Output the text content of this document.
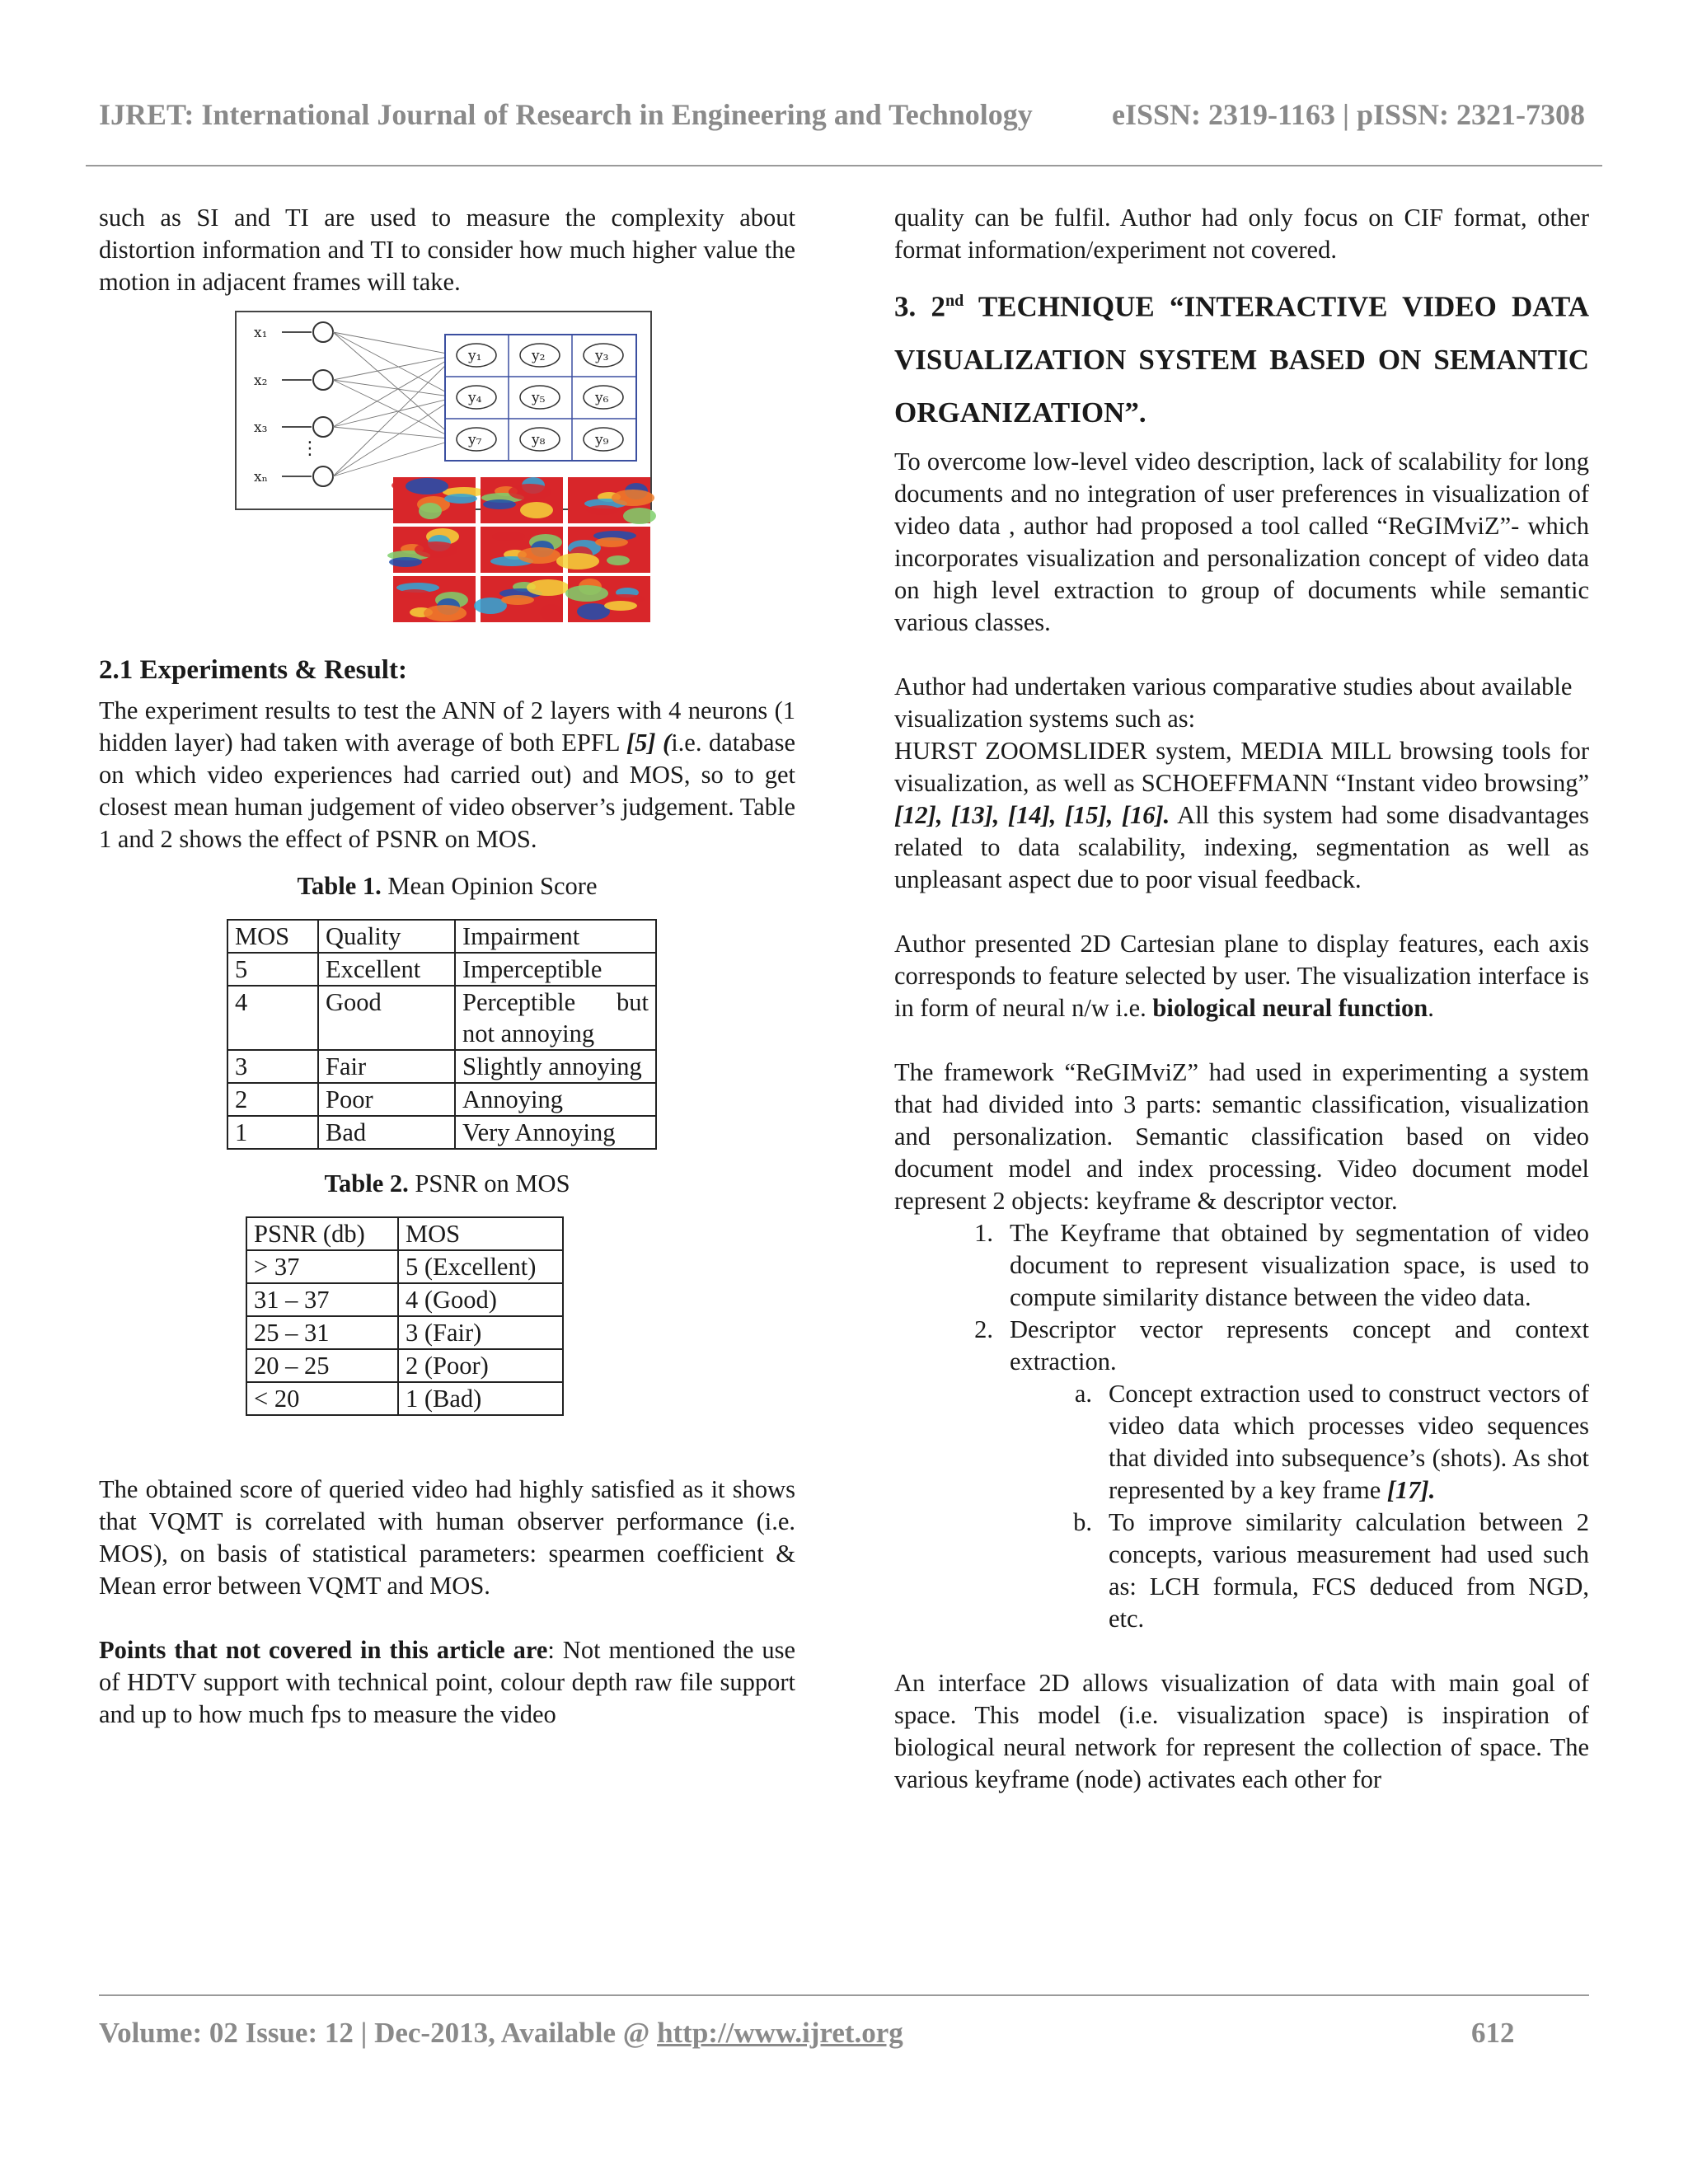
IJRET: International Journal of Research in Engineering and Technology	eISSN: 2319-1163 | pISSN: 2321-7308

such as SI and TI are used to measure the complexity about distortion information and TI to consider how much higher value the motion in adjacent frames will take.

⋮
y₁	y₂	y₃
y₄	y₅	y₆
y₇	y₈	y₉
x₁
x₂
x₃
xₙ
2.1 Experiments & Result:

The experiment results to test the ANN of 2 layers with 4 neurons (1 hidden layer) had taken with average of both EPFL [5] (i.e. database on which video experiences had carried out) and MOS, so to get closest mean human judgement of video observer’s judgement. Table 1 and 2 shows the effect of PSNR on MOS.

Table 1. Mean Opinion Score
MOS	Quality	Impairment
5	Excellent	Imperceptible
4	Good	Perceptible but not annoying
3	Fair	Slightly annoying
2	Poor	Annoying
1	Bad	Very Annoying
Table 2. PSNR on MOS
PSNR (db)	MOS
> 37	5 (Excellent)
31 – 37	4 (Good)
25 – 31	3 (Fair)
20 – 25	2 (Poor)
< 20	1 (Bad)

The obtained score of queried video had highly satisfied as it shows that VQMT is correlated with human observer performance (i.e. MOS), on basis of statistical parameters: spearmen coefficient & Mean error between VQMT and MOS.

Points that not covered in this article are: Not mentioned the use of HDTV support with technical point, colour depth raw file support and up to how much fps to measure the video

quality can be fulfil. Author had only focus on CIF format, other format information/experiment not covered.

3. 2nd TECHNIQUE “INTERACTIVE VIDEO DATA VISUALIZATION SYSTEM BASED ON SEMANTIC ORGANIZATION”.

To overcome low-level video description, lack of scalability for long documents and no integration of user preferences in visualization of video data , author had proposed a tool called “ReGIMviZ”- which incorporates visualization and personalization concept of video data on high level extraction to group of documents while semantic various classes.

Author had undertaken various comparative studies about available visualization systems such as:

HURST ZOOMSLIDER system, MEDIA MILL browsing tools for visualization, as well as SCHOEFFMANN “Instant video browsing” [12], [13], [14], [15], [16]. All this system had some disadvantages related to data scalability, indexing, segmentation as well as unpleasant aspect due to poor visual feedback.

Author presented 2D Cartesian plane to display features, each axis corresponds to feature selected by user. The visualization interface is in form of neural n/w i.e. biological neural function.

The framework “ReGIMviZ” had used in experimenting a system that had divided into 3 parts: semantic classification, visualization and personalization. Semantic classification based on video document model and index processing. Video document model represent 2 objects: keyframe & descriptor vector.

1. The Keyframe that obtained by segmentation of video document to represent visualization space, is used to compute similarity distance between the video data.
2. Descriptor vector represents concept and context extraction.
a. Concept extraction used to construct vectors of video data which processes video sequences that divided into subsequence’s (shots). As shot represented by a key frame [17].
b. To improve similarity calculation between 2 concepts, various measurement had used such as: LCH formula, FCS deduced from NGD, etc.

An interface 2D allows visualization of data with main goal of space. This model (i.e. visualization space) is inspiration of biological neural network for represent the collection of space. The various keyframe (node) activates each other for

Volume: 02 Issue: 12 | Dec-2013, Available @ http://www.ijret.org	612
